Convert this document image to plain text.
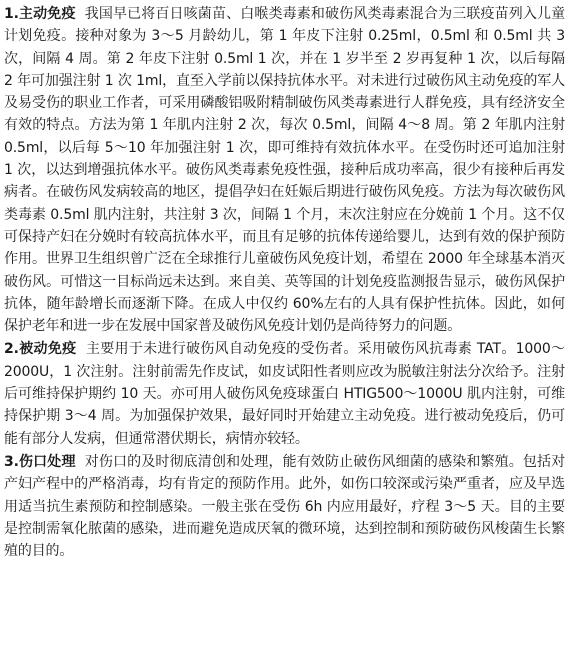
1.主动免疫 我国早已将百日咳菌苗、白喉类毒素和破伤风类毒素混合为三联疫苗列入儿童计划免疫。接种对象为 3～5 月龄幼儿，第 1 年皮下注射 0.25ml，0.5ml 和 0.5ml 共 3 次，间隔 4 周。第 2 年皮下注射 0.5ml 1 次，并在 1 岁半至 2 岁再复种 1 次，以后每隔 2 年可加强注射 1 次 1ml，直至入学前以保持抗体水平。对未进行过破伤风主动免疫的军人及易受伤的职业工作者，可采用磷酸铝吸附精制破伤风类毒素进行人群免疫，具有经济安全有效的特点。方法为第 1 年肌内注射 2 次，每次 0.5ml，间隔 4～8 周。第 2 年肌内注射 0.5ml，以后每 5～10 年加强注射 1 次，即可维持有效抗体水平。在受伤时还可追加注射 1 次，以达到增强抗体水平。破伤风类毒素免疫性强，接种后成功率高，很少有接种后再发病者。在破伤风发病较高的地区，提倡孕妇在妊娠后期进行破伤风免疫。方法为每次破伤风类毒素 0.5ml 肌内注射，共注射 3 次，间隔 1 个月，末次注射应在分娩前 1 个月。这不仅可保持产妇在分娩时有较高抗体水平，而且有足够的抗体传递给婴儿，达到有效的保护预防作用。世界卫生组织曾广泛在全球推行儿童破伤风免疫计划，希望在 2000 年全球基本消灭破伤风。可惜这一目标尚远未达到。来自美、英等国的计划免疫监测报告显示，破伤风保护抗体，随年龄增长而逐渐下降。在成人中仅约 60%左右的人具有保护性抗体。因此，如何保护老年和进一步在发展中国家普及破伤风免疫计划仍是尚待努力的问题。

2.被动免疫 主要用于未进行破伤风自动免疫的受伤者。采用破伤风抗毒素 TAT。1000～2000U，1 次注射。注射前需先作皮试，如皮试阳性者则应改为脱敏注射法分次给予。注射后可维持保护期约 10 天。亦可用人破伤风免疫球蛋白 HTIG500～1000U 肌内注射，可维持保护期 3～4 周。为加强保护效果，最好同时开始建立主动免疫。进行被动免疫后，仍可能有部分人发病，但通常潜伏期长，病情亦较轻。

3.伤口处理 对伤口的及时彻底清创和处理，能有效防止破伤风细菌的感染和繁殖。包括对产妇产程中的严格消毒，均有肯定的预防作用。此外，如伤口较深或污染严重者，应及早选用适当抗生素预防和控制感染。一般主张在受伤 6h 内应用最好，疗程 3～5 天。目的主要是控制需氧化脓菌的感染，进而避免造成厌氧的微环境，达到控制和预防破伤风梭菌生长繁殖的目的。
